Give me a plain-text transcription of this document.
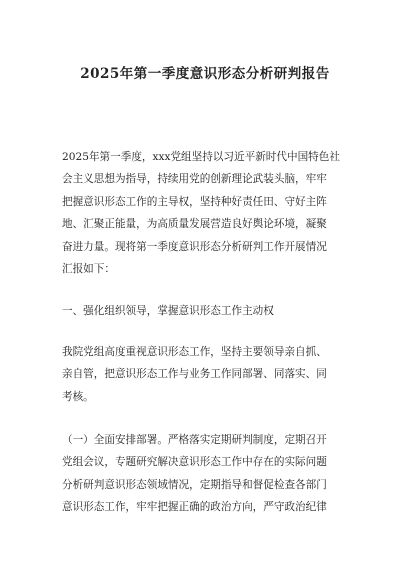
2025年第一季度意识形态分析研判报告
2025年第一季度，xxx党组坚持以习近平新时代中国特色社
会主义思想为指导，持续用党的创新理论武装头脑，牢牢
把握意识形态工作的主导权，坚持种好责任田、守好主阵
地、汇聚正能量，为高质量发展营造良好舆论环境，凝聚
奋进力量。现将第一季度意识形态分析研判工作开展情况
汇报如下：
一、强化组织领导，掌握意识形态工作主动权
我院党组高度重视意识形态工作，坚持主要领导亲自抓、
亲自管，把意识形态工作与业务工作同部署、同落实、同
考核。
（一）全面安排部署。严格落实定期研判制度，定期召开
党组会议，专题研究解决意识形态工作中存在的实际问题
分析研判意识形态领域情况，定期指导和督促检查各部门
意识形态工作，牢牢把握正确的政治方向，严守政治纪律
